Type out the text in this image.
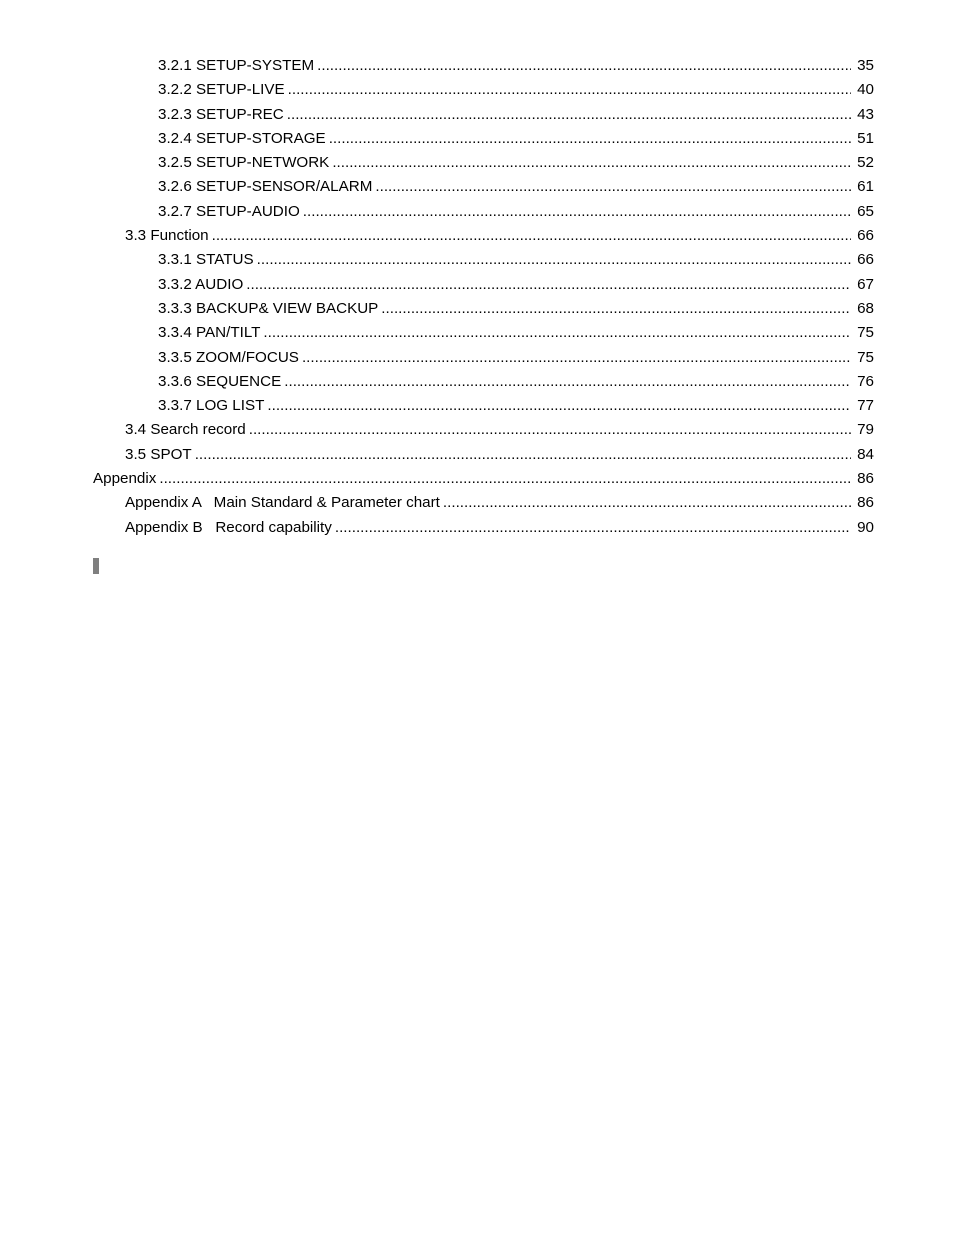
3.2.1 SETUP-SYSTEM .....	35
3.2.2 SETUP-LIVE .....	40
3.2.3 SETUP-REC .....	43
3.2.4 SETUP-STORAGE .....	51
3.2.5 SETUP-NETWORK .....	52
3.2.6 SETUP-SENSOR/ALARM .....	61
3.2.7 SETUP-AUDIO .....	65
3.3 Function .....	66
3.3.1 STATUS .....	66
3.3.2 AUDIO .....	67
3.3.3 BACKUP& VIEW BACKUP .....	68
3.3.4 PAN/TILT .....	75
3.3.5 ZOOM/FOCUS .....	75
3.3.6 SEQUENCE .....	76
3.3.7 LOG LIST .....	77
3.4 Search record .....	79
3.5 SPOT .....	84
Appendix .....	86
Appendix A   Main Standard & Parameter chart .....	86
Appendix B   Record capability .....	90
